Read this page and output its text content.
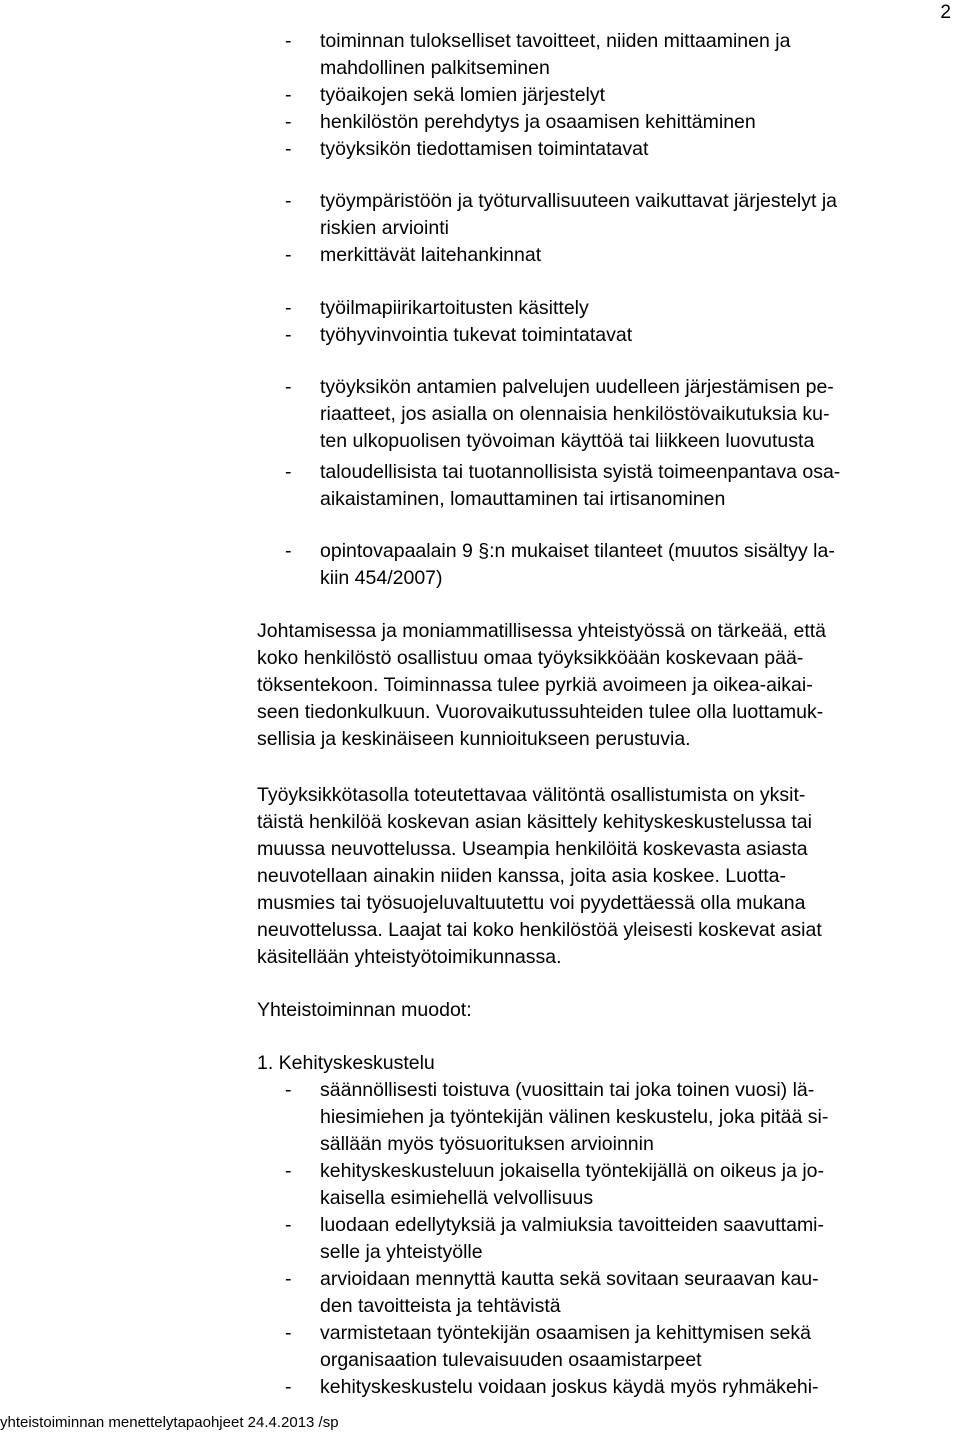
2
- toiminnan tulokselliset tavoitteet, niiden mittaaminen ja
mahdollinen palkitseminen
- työaikojen sekä lomien järjestelyt
- henkilöstön perehdytys ja osaamisen kehittäminen
- työyksikön tiedottamisen toimintatavat
- työympäristöön ja työturvallisuuteen vaikuttavat järjestelyt ja
riskien arviointi
- merkittävät laitehankinnat
- työilmapiirikartoitusten käsittely
- työhyvinvointia tukevat toimintatavat
- työyksikön antamien palvelujen uudelleen järjestämisen pe-
riaatteet, jos asialla on olennaisia henkilöstövaikutuksia ku-
ten ulkopuolisen työvoiman käyttöä tai liikkeen luovutusta
- taloudellisista tai tuotannollisista syistä toimeenpantava osa-
aikaistaminen, lomauttaminen tai irtisanominen
- opintovapaalain 9 §:n mukaiset tilanteet (muutos sisältyy la-
kiin 454/2007)
Johtamisessa ja moniammatillisessa yhteistyössä on tärkeää, että
koko henkilöstö osallistuu omaa työyksikköään koskevaan pää-
töksentekoon. Toiminnassa tulee pyrkiä avoimeen ja oikea-aikai-
seen tiedonkulkuun. Vuorovaikutussuhteiden tulee olla luottamuk-
sellisia ja keskinäiseen kunnioitukseen perustuvia.
Työyksikkötasolla toteutettavaa välitöntä osallistumista on yksit-
täistä henkilöä koskevan asian käsittely kehityskeskustelussa tai
muussa neuvottelussa. Useampia henkilöitä koskevasta asiasta
neuvotellaan ainakin niiden kanssa, joita asia koskee. Luotta-
musmies tai työsuojeluvaltuutettu voi pyydettäessä olla mukana
neuvottelussa. Laajat tai koko henkilöstöä yleisesti koskevat asiat
käsitellään yhteistyötoimikunnassa.
Yhteistoiminnan muodot:
1. Kehityskeskustelu
- säännöllisesti toistuva (vuosittain tai joka toinen vuosi) lä-
hiesimiehen ja työntekijän välinen keskustelu, joka pitää si-
sällään myös työsuorituksen arvioinnin
- kehityskeskusteluun jokaisella työntekijällä on oikeus ja jo-
kaisella esimiehellä velvollisuus
- luodaan edellytyksiä ja valmiuksia tavoitteiden saavuttami-
selle ja yhteistyölle
- arvioidaan mennyttä kautta sekä sovitaan seuraavan kau-
den tavoitteista ja tehtävistä
- varmistetaan työntekijän osaamisen ja kehittymisen sekä
organisaation tulevaisuuden osaamistarpeet
- kehityskeskustelu voidaan joskus käydä myös ryhmäkehi-
yhteistoiminnan menettelytapaohjeet 24.4.2013 /sp
